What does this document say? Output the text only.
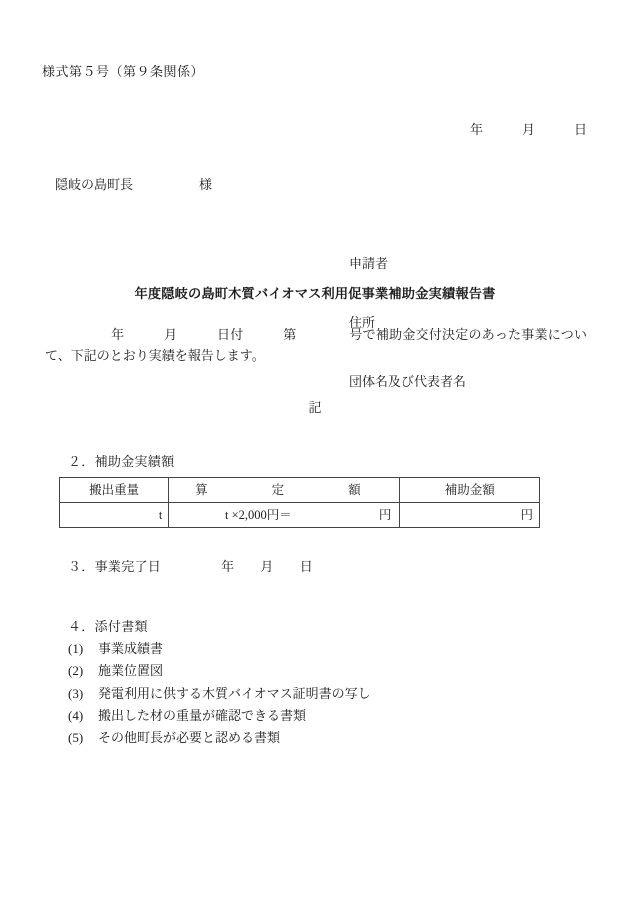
様式第５号（第９条関係）
年　　　月　　　日
隠岐の島町長	様

申請者

住所

団体名及び代表者名

年度隠岐の島町木質バイオマス利用促事業補助金実績報告書
　　　　　年　　　月　　　日付　　　第　　　　号で補助金交付決定のあった事業について、下記のとおり実績を報告します。
記
２．補助金実績額
搬出重量	算　　定　　額	補助金額
t	t ×2,000円＝ 円	円
３．事業完了日	年 月 日
４．添付書類
(1) 事業成績書
(2) 施業位置図
(3) 発電利用に供する木質バイオマス証明書の写し
(4) 搬出した材の重量が確認できる書類
(5) その他町長が必要と認める書類
